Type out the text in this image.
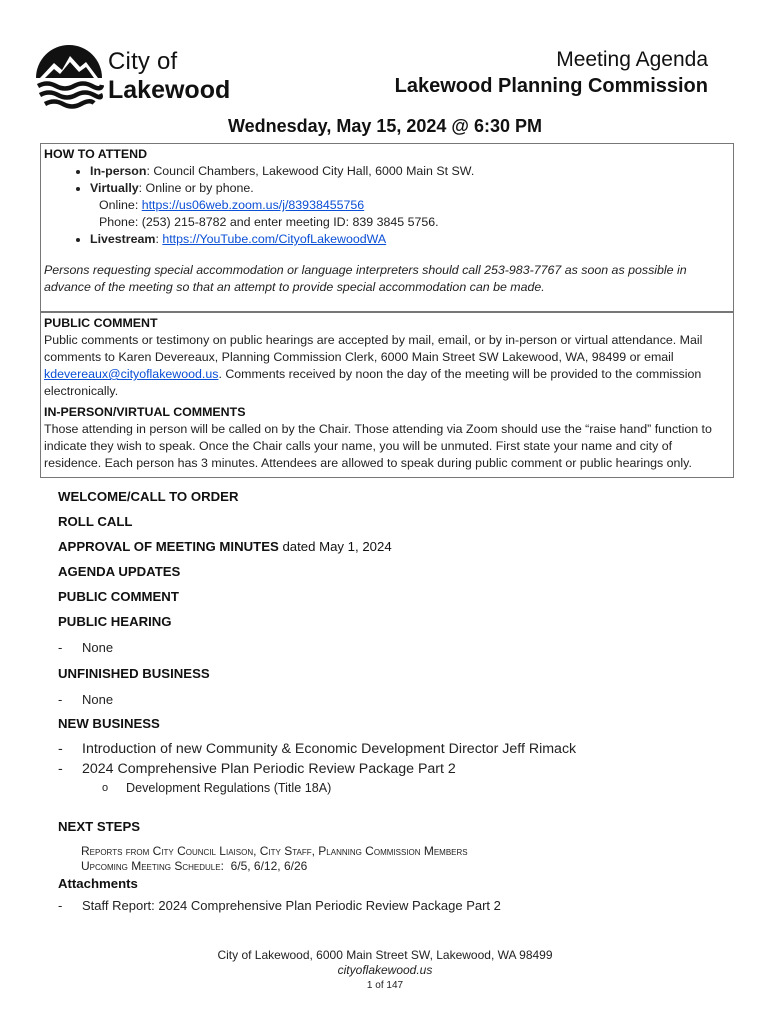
City of
Lakewood
Meeting Agenda
Lakewood Planning Commission
Wednesday, May 15, 2024 @ 6:30 PM
HOW TO ATTEND
• In-person: Council Chambers, Lakewood City Hall, 6000 Main St SW.
• Virtually: Online or by phone.
Online: https://us06web.zoom.us/j/83938455756
Phone: (253) 215-8782 and enter meeting ID: 839 3845 5756.
• Livestream: https://YouTube.com/CityofLakewoodWA

Persons requesting special accommodation or language interpreters should call 253-983-7767 as soon as possible in advance of the meeting so that an attempt to provide special accommodation can be made.

PUBLIC COMMENT

Public comments or testimony on public hearings are accepted by mail, email, or by in-person or virtual attendance. Mail comments to Karen Devereaux, Planning Commission Clerk, 6000 Main Street SW Lakewood, WA, 98499 or email kdevereaux@cityoflakewood.us. Comments received by noon the day of the meeting will be provided to the commission electronically.

IN-PERSON/VIRTUAL COMMENTS

Those attending in person will be called on by the Chair. Those attending via Zoom should use the “raise hand” function to indicate they wish to speak. Once the Chair calls your name, you will be unmuted. First state your name and city of residence. Each person has 3 minutes. Attendees are allowed to speak during public comment or public hearings only.

WELCOME/CALL TO ORDER
ROLL CALL
APPROVAL OF MEETING MINUTES dated May 1, 2024
AGENDA UPDATES
PUBLIC COMMENT
PUBLIC HEARING
- None
UNFINISHED BUSINESS
- None
NEW BUSINESS
- Introduction of new Community & Economic Development Director Jeff Rimack
- 2024 Comprehensive Plan Periodic Review Package Part 2
o Development Regulations (Title 18A)
NEXT STEPS
Reports from City Council Liaison, City Staff, Planning Commission Members
Upcoming Meeting Schedule: 6/5, 6/12, 6/26
Attachments
- Staff Report: 2024 Comprehensive Plan Periodic Review Package Part 2
City of Lakewood, 6000 Main Street SW, Lakewood, WA 98499
cityoflakewood.us
1 of 147
